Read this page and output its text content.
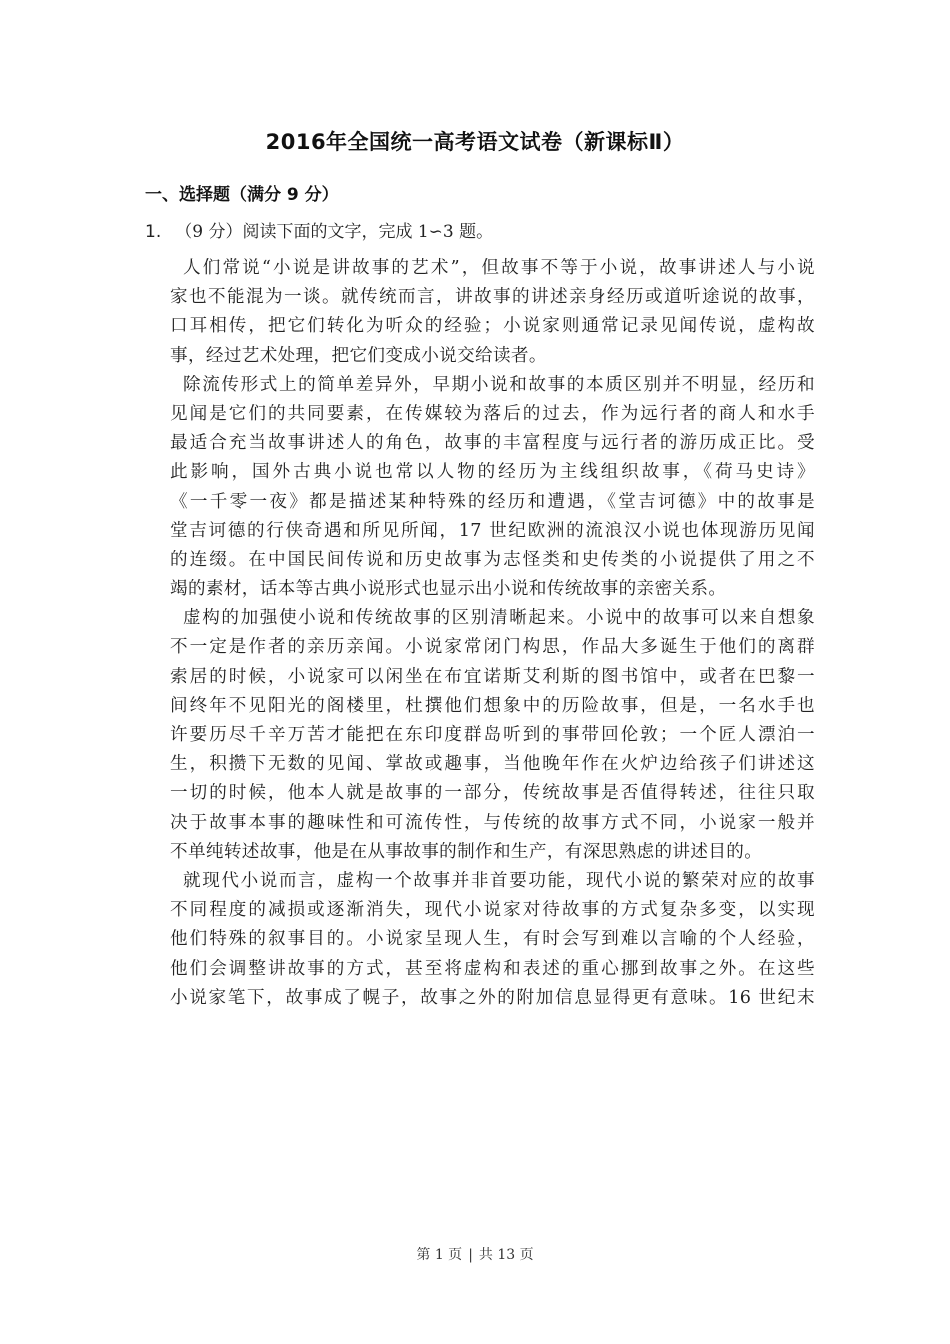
2016年全国统一高考语文试卷（新课标Ⅱ）
一、选择题（满分 9 分）
1. （9 分）阅读下面的文字，完成 1∽3 题。
人们常说“小说是讲故事的艺术”，但故事不等于小说，故事讲述人与小说
家也不能混为一谈。就传统而言，讲故事的讲述亲身经历或道听途说的故事，
口耳相传，把它们转化为听众的经验；小说家则通常记录见闻传说，虚构故
事，经过艺术处理，把它们变成小说交给读者。
除流传形式上的简单差异外，早期小说和故事的本质区别并不明显，经历和
见闻是它们的共同要素，在传媒较为落后的过去，作为远行者的商人和水手
最适合充当故事讲述人的角色，故事的丰富程度与远行者的游历成正比。受
此影响，国外古典小说也常以人物的经历为主线组织故事，《荷马史诗》
《一千零一夜》都是描述某种特殊的经历和遭遇，《堂吉诃德》中的故事是
堂吉诃德的行侠奇遇和所见所闻，17 世纪欧洲的流浪汉小说也体现游历见闻
的连缀。在中国民间传说和历史故事为志怪类和史传类的小说提供了用之不
竭的素材，话本等古典小说形式也显示出小说和传统故事的亲密关系。
虚构的加强使小说和传统故事的区别清晰起来。小说中的故事可以来自想象
不一定是作者的亲历亲闻。小说家常闭门构思，作品大多诞生于他们的离群
索居的时候，小说家可以闲坐在布宜诺斯艾利斯的图书馆中，或者在巴黎一
间终年不见阳光的阁楼里，杜撰他们想象中的历险故事，但是，一名水手也
许要历尽千辛万苦才能把在东印度群岛听到的事带回伦敦；一个匠人漂泊一
生，积攒下无数的见闻、掌故或趣事，当他晚年作在火炉边给孩子们讲述这
一切的时候，他本人就是故事的一部分，传统故事是否值得转述，往往只取
决于故事本事的趣味性和可流传性，与传统的故事方式不同，小说家一般并
不单纯转述故事，他是在从事故事的制作和生产，有深思熟虑的讲述目的。
就现代小说而言，虚构一个故事并非首要功能，现代小说的繁荣对应的故事
不同程度的减损或逐渐消失，现代小说家对待故事的方式复杂多变，以实现
他们特殊的叙事目的。小说家呈现人生，有时会写到难以言喻的个人经验，
他们会调整讲故事的方式，甚至将虚构和表述的重心挪到故事之外。在这些
小说家笔下，故事成了幌子，故事之外的附加信息显得更有意味。16 世纪末
第 1 页 | 共 13 页
